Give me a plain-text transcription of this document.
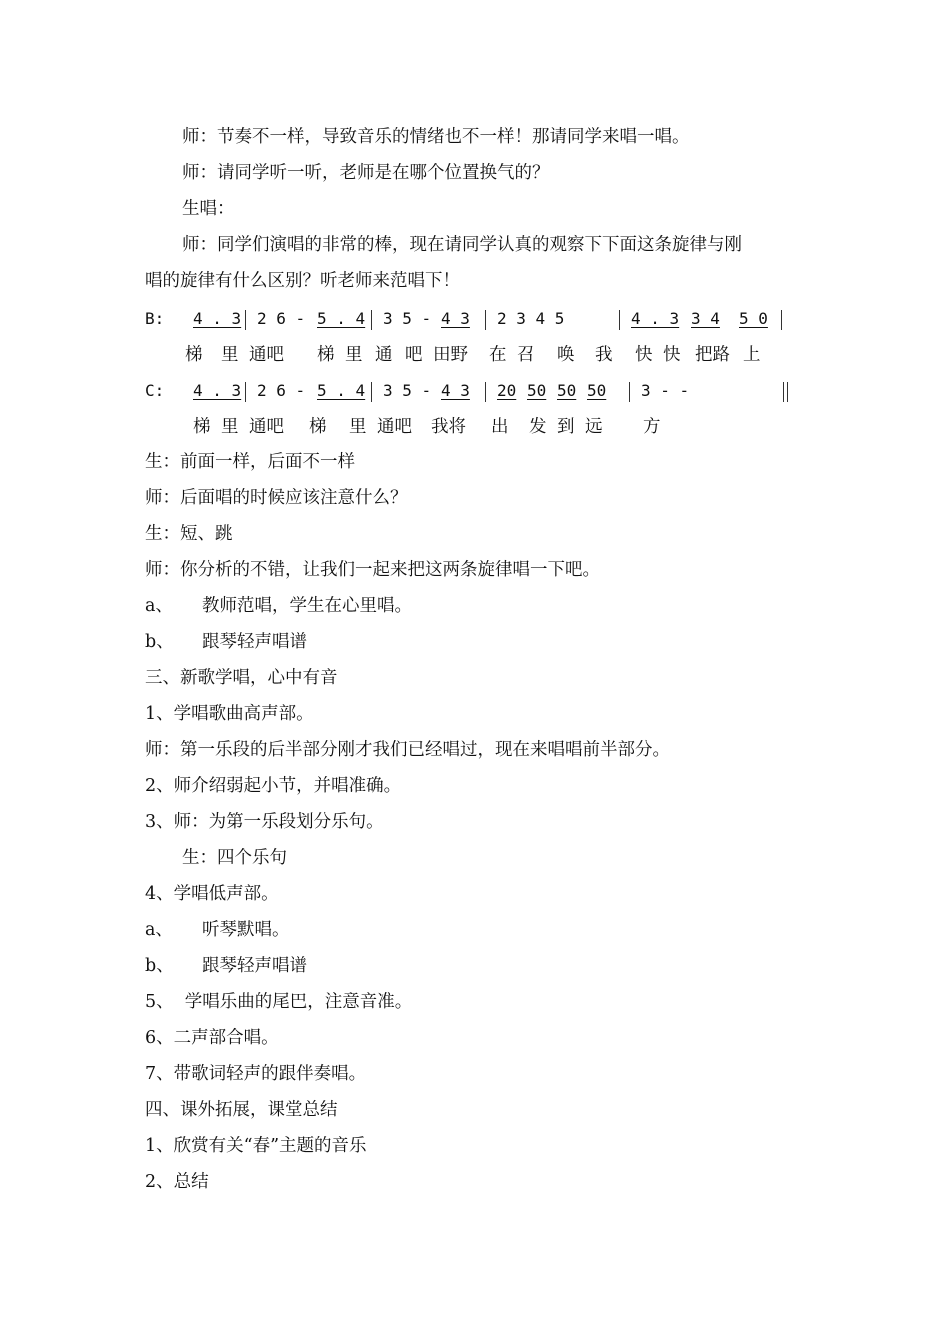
师：节奏不一样，导致音乐的情绪也不一样！那请同学来唱一唱。
师：请同学听一听，老师是在哪个位置换气的？
生唱：
师：同学们演唱的非常的棒，现在请同学认真的观察下下面这条旋律与刚
唱的旋律有什么区别？听老师来范唱下！
B: 4 . 3 2 6 - 5 . 4 3 5 - 4 3 2 3 4 5	4 . 3 3 4 5 0
梯 里 通吧 梯 里 通 吧 田野 在 召 唤 我 快 快 把路 上
C: 4 . 3 2 6 - 5 . 4 3 5 - 4 3 20 50 50 50 3 - -
梯 里 通吧 梯 里 通吧 我将 出 发 到 远 方
生：前面一样，后面不一样
师：后面唱的时候应该注意什么？
生：短、跳
师：你分析的不错，让我们一起来把这两条旋律唱一下吧。
a、 教师范唱，学生在心里唱。
b、 跟琴轻声唱谱
三、新歌学唱，心中有音
1、学唱歌曲高声部。
师：第一乐段的后半部分刚才我们已经唱过，现在来唱唱前半部分。
2、师介绍弱起小节，并唱准确。
3、师：为第一乐段划分乐句。
生：四个乐句
4、学唱低声部。
a、 听琴默唱。
b、 跟琴轻声唱谱
5、  学唱乐曲的尾巴，注意音准。
6、二声部合唱。
7、带歌词轻声的跟伴奏唱。
四、课外拓展，课堂总结
1、欣赏有关“春”主题的音乐
2、总结
